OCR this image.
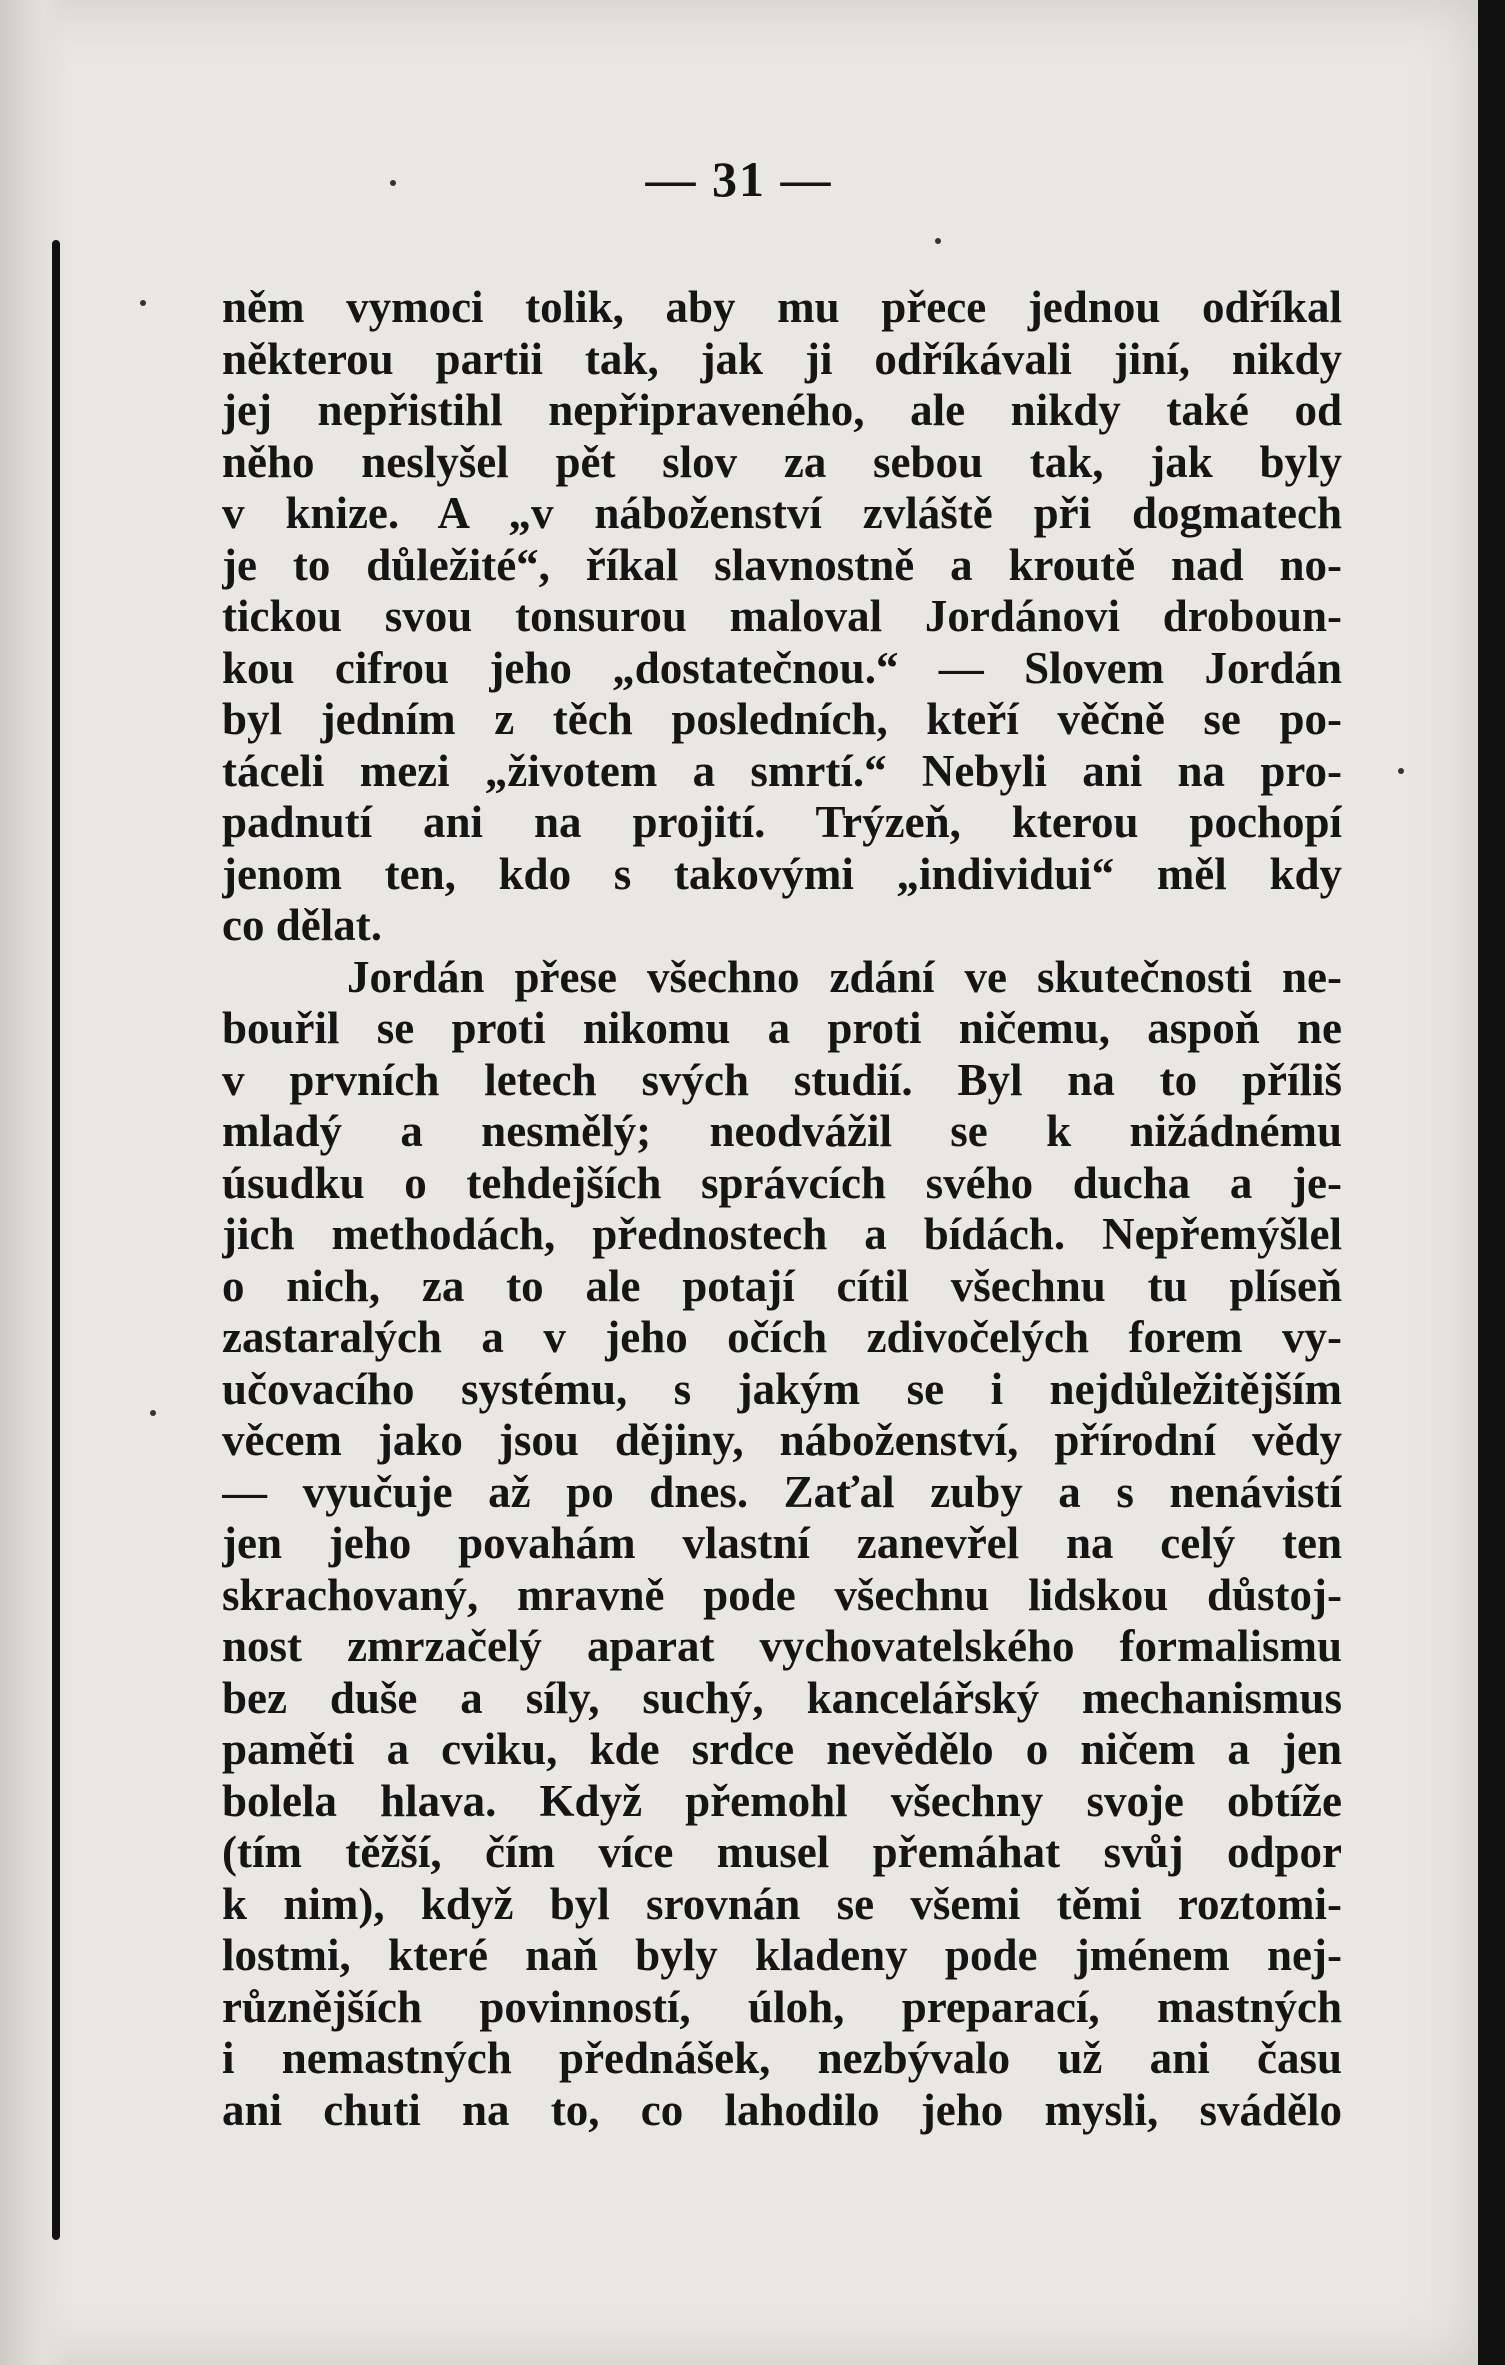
— 31 —
něm vymoci tolik, aby mu přece jednou odříkal
některou partii tak, jak ji odříkávali jiní, nikdy
jej nepřistihl nepřipraveného, ale nikdy také od
něho neslyšel pět slov za sebou tak, jak byly
v knize. A „v náboženství zvláště při dogmatech
je to důležité“, říkal slavnostně a kroutě nad no-
tickou svou tonsurou maloval Jordánovi droboun-
kou cifrou jeho „dostatečnou.“ — Slovem Jordán
byl jedním z těch posledních, kteří věčně se po-
táceli mezi „životem a smrtí.“ Nebyli ani na pro-
padnutí ani na projití. Trýzeň, kterou pochopí
jenom ten, kdo s takovými „individui“ měl kdy
co dělat.
Jordán přese všechno zdání ve skutečnosti ne-
bouřil se proti nikomu a proti ničemu, aspoň ne
v prvních letech svých studií. Byl na to příliš
mladý a nesmělý; neodvážil se k nižádnému
úsudku o tehdejších správcích svého ducha a je-
jich methodách, přednostech a bídách. Nepřemýšlel
o nich, za to ale potají cítil všechnu tu plíseň
zastaralých a v jeho očích zdivočelých forem vy-
učovacího systému, s jakým se i nejdůležitějším
věcem jako jsou dějiny, náboženství, přírodní vědy
— vyučuje až po dnes. Zaťal zuby a s nenávistí
jen jeho povahám vlastní zanevřel na celý ten
skrachovaný, mravně pode všechnu lidskou důstoj-
nost zmrzačelý aparat vychovatelského formalismu
bez duše a síly, suchý, kancelářský mechanismus
paměti a cviku, kde srdce nevědělo o ničem a jen
bolela hlava. Když přemohl všechny svoje obtíže
(tím těžší, čím více musel přemáhat svůj odpor
k nim), když byl srovnán se všemi těmi roztomi-
lostmi, které naň byly kladeny pode jménem nej-
různějších povinností, úloh, preparací, mastných
i nemastných přednášek, nezbývalo už ani času
ani chuti na to, co lahodilo jeho mysli, svádělo
